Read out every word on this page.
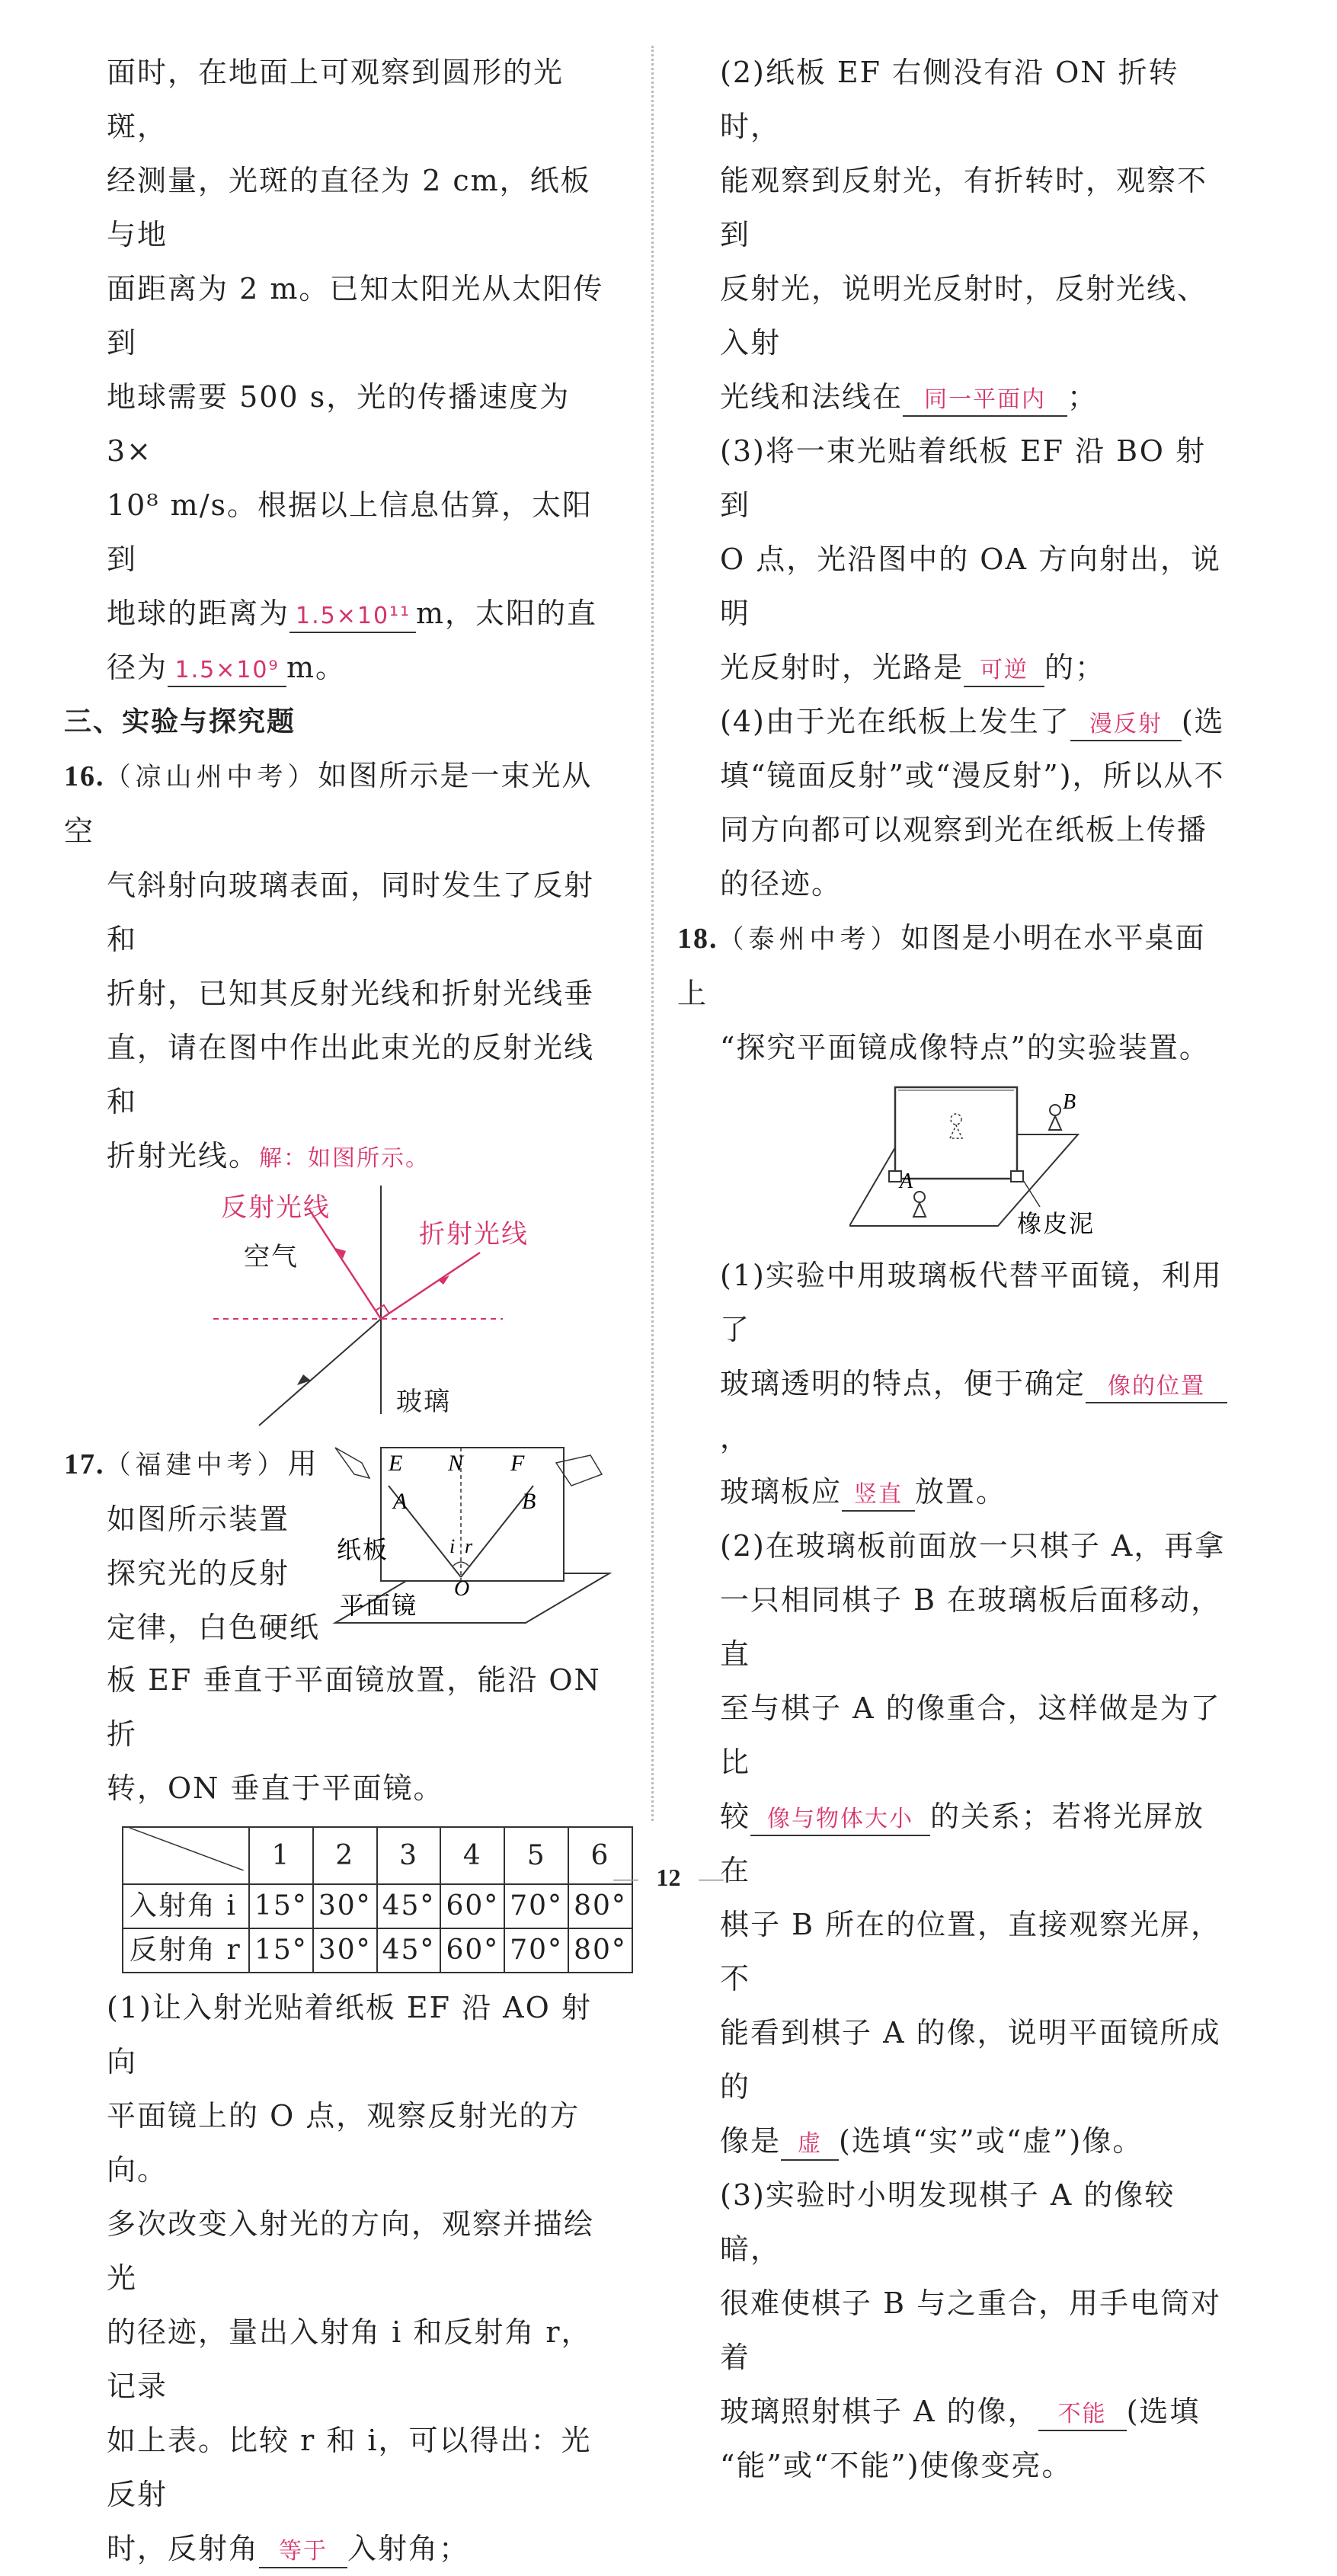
面时，在地面上可观察到圆形的光斑，

经测量，光斑的直径为 2 cm，纸板与地

面距离为 2 m。已知太阳光从太阳传到

地球需要 500 s，光的传播速度为 3×

10⁸ m/s。根据以上信息估算，太阳到

地球的距离为 1.5×10¹¹ m，太阳的直

径为 1.5×10⁹ m。

三、实验与探究题

16.（凉山州中考）如图所示是一束光从空

气斜射向玻璃表面，同时发生了反射和

折射，已知其反射光线和折射光线垂

直，请在图中作出此束光的反射光线和

折射光线。解：如图所示。

反射光线
折射光线
空气
玻璃

17.（福建中考）用

如图所示装置

探究光的反射

定律，白色硬纸

E N F
A	B
i r
O
纸板
平面镜

板 EF 垂直于平面镜放置，能沿 ON 折

转，ON 垂直于平面镜。

	1	2	3	4	5	6
入射角 i	15°	30°	45°	60°	70°	80°
反射角 r	15°	30°	45°	60°	70°	80°

(1)让入射光贴着纸板 EF 沿 AO 射向

平面镜上的 O 点，观察反射光的方向。

多次改变入射光的方向，观察并描绘光

的径迹，量出入射角 i 和反射角 r，记录

如上表。比较 r 和 i，可以得出：光反射

时，反射角 等于 入射角；

(2)纸板 EF 右侧没有沿 ON 折转时，

能观察到反射光，有折转时，观察不到

反射光，说明光反射时，反射光线、入射

光线和法线在 同一平面内 ；

(3)将一束光贴着纸板 EF 沿 BO 射到

O 点，光沿图中的 OA 方向射出，说明

光反射时，光路是 可逆 的；

(4)由于光在纸板上发生了 漫反射 (选

填“镜面反射”或“漫反射”)，所以从不

同方向都可以观察到光在纸板上传播

的径迹。

18.（泰州中考）如图是小明在水平桌面上

“探究平面镜成像特点”的实验装置。

A
B
橡皮泥

(1)实验中用玻璃板代替平面镜，利用了

玻璃透明的特点，便于确定 像的位置，

玻璃板应 竖直 放置。

(2)在玻璃板前面放一只棋子 A，再拿

一只相同棋子 B 在玻璃板后面移动，直

至与棋子 A 的像重合，这样做是为了比

较 像与物体大小 的关系；若将光屏放在

棋子 B 所在的位置，直接观察光屏，不

能看到棋子 A 的像，说明平面镜所成的

像是 虚 (选填“实”或“虚”)像。

(3)实验时小明发现棋子 A 的像较暗，

很难使棋子 B 与之重合，用手电筒对着

玻璃照射棋子 A 的像， 不能 (选填

“能”或“不能”)使像变亮。

— 12 —
